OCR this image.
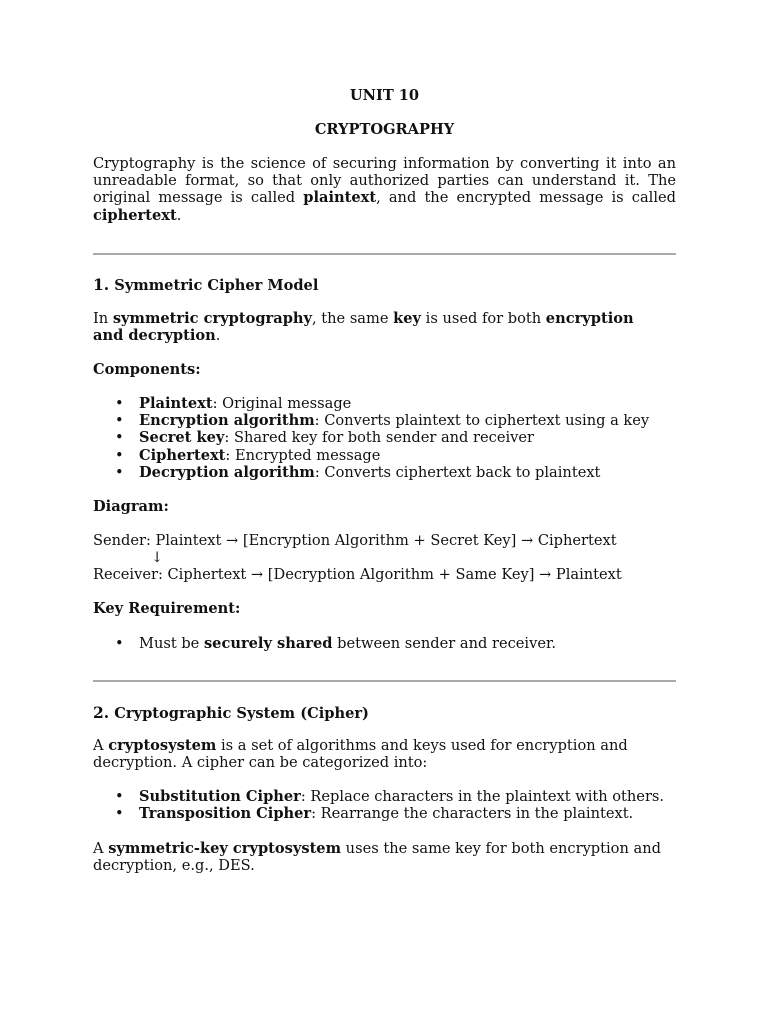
UNIT 10
CRYPTOGRAPHY
Cryptography is the science of securing information by converting it into an unreadable format, so that only authorized parties can understand it. The original message is called plaintext, and the encrypted message is called ciphertext.
1. Symmetric Cipher Model
In symmetric cryptography, the same key is used for both encryption and decryption.
Components:
• Plaintext: Original message
• Encryption algorithm: Converts plaintext to ciphertext using a key
• Secret key: Shared key for both sender and receiver
• Ciphertext: Encrypted message
• Decryption algorithm: Converts ciphertext back to plaintext
Diagram:
Sender: Plaintext → [Encryption Algorithm + Secret Key] → Ciphertext
↓
Receiver: Ciphertext → [Decryption Algorithm + Same Key] → Plaintext
Key Requirement:
• Must be securely shared between sender and receiver.
2. Cryptographic System (Cipher)
A cryptosystem is a set of algorithms and keys used for encryption and decryption. A cipher can be categorized into:
• Substitution Cipher: Replace characters in the plaintext with others.
• Transposition Cipher: Rearrange the characters in the plaintext.
A symmetric-key cryptosystem uses the same key for both encryption and decryption, e.g., DES.
